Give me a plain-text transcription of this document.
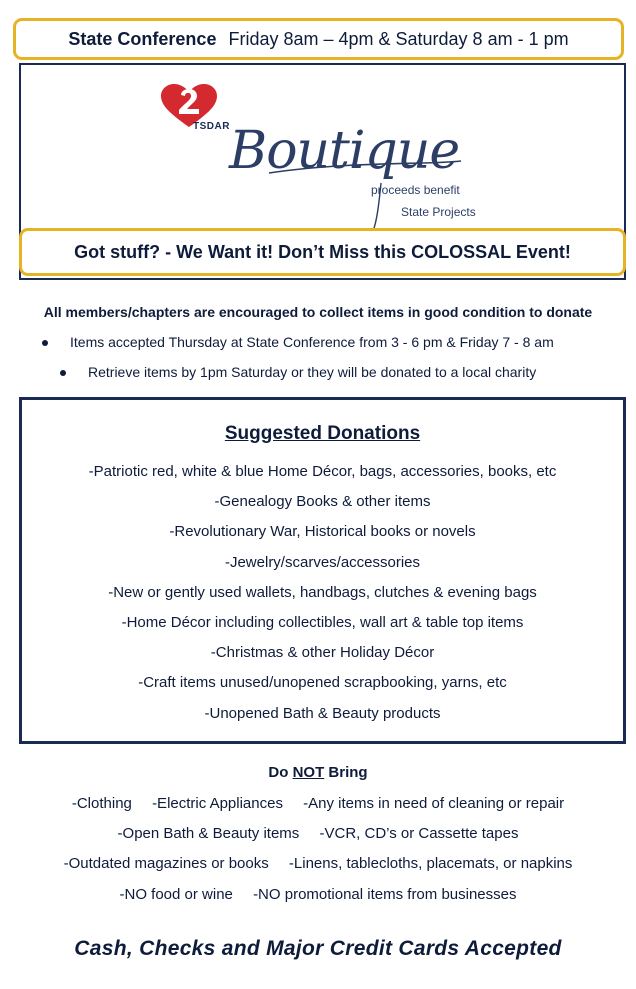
State Conference Friday 8am – 4pm & Saturday 8 am - 1 pm
TSDAR Boutique
proceeds benefit
State Projects
Got stuff? - We Want it! Don’t Miss this COLOSSAL Event!
All members/chapters are encouraged to collect items in good condition to donate
Items accepted Thursday at State Conference from 3 - 6 pm & Friday 7 - 8 am
Retrieve items by 1pm Saturday or they will be donated to a local charity
Suggested Donations
-Patriotic red, white & blue Home Décor, bags, accessories, books, etc
-Genealogy Books & other items
-Revolutionary War, Historical books or novels
-Jewelry/scarves/accessories
-New or gently used wallets, handbags, clutches & evening bags
-Home Décor including collectibles, wall art & table top items
-Christmas & other Holiday Décor
-Craft items unused/unopened scrapbooking, yarns, etc
-Unopened Bath & Beauty products
Do NOT Bring
-Clothing -Electric Appliances -Any items in need of cleaning or repair
-Open Bath & Beauty items -VCR, CD’s or Cassette tapes
-Outdated magazines or books -Linens, tablecloths, placemats, or napkins
-NO food or wine -NO promotional items from businesses
Cash, Checks and Major Credit Cards Accepted
